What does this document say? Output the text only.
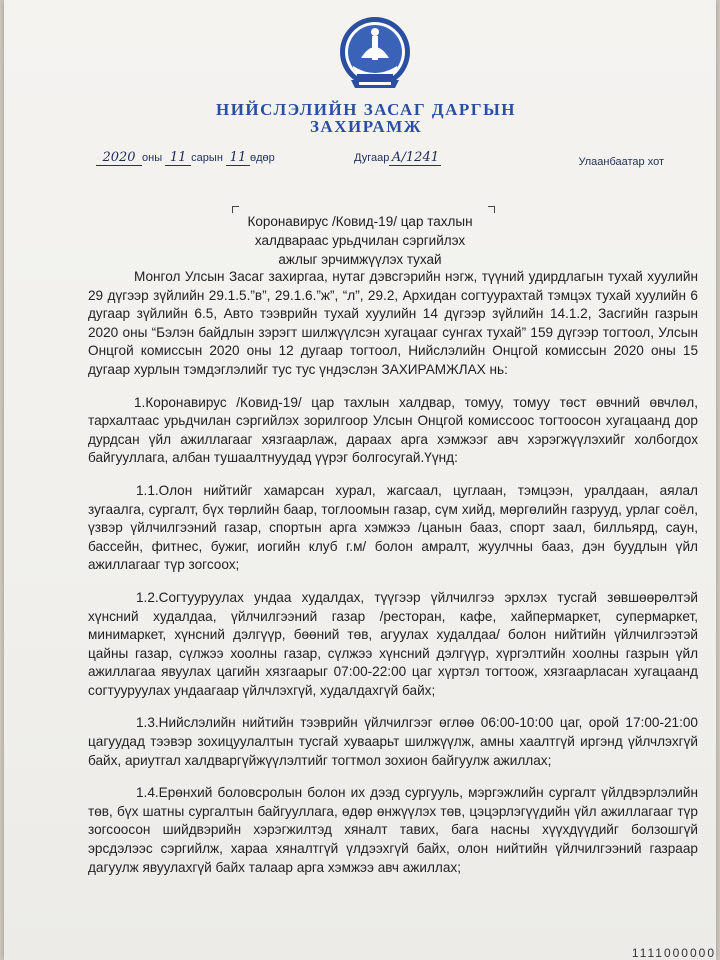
НИЙСЛЭЛИЙН ЗАСАГ ДАРГЫН
ЗАХИРАМЖ
2020 оны 11 сарын 11 өдөр	Дугаар А/1241	Улаанбаатар хот
Коронавирус /Ковид-19/ цар тахлын
халдвараас урьдчилан сэргийлэх
ажлыг эрчимжүүлэх тухай

Монгол Улсын Засаг захиргаа, нутаг дэвсгэрийн нэгж, түүний удирдлагын тухай хуулийн 29 дүгээр зүйлийн 29.1.5.”в”, 29.1.6.”ж”, “л”, 29.2, Архидан согтуурахтай тэмцэх тухай хуулийн 6 дугаар зүйлийн 6.5, Авто тээврийн тухай хуулийн 14 дүгээр зүйлийн 14.1.2, Засгийн газрын 2020 оны “Бэлэн байдлын зэрэгт шилжүүлсэн хугацааг сунгах тухай” 159 дүгээр тогтоол, Улсын Онцгой комиссын 2020 оны 12 дугаар тогтоол, Нийслэлийн Онцгой комиссын 2020 оны 15 дугаар хурлын тэмдэглэлийг тус тус үндэслэн ЗАХИРАМЖЛАХ нь:

1.Коронавирус /Ковид-19/ цар тахлын халдвар, томуу, томуу төст өвчний өвчлөл, тархалтаас урьдчилан сэргийлэх зорилгоор Улсын Онцгой комиссоос тогтоосон хугацаанд дор дурдсан үйл ажиллагааг хязгаарлаж, дараах арга хэмжээг авч хэрэгжүүлэхийг холбогдох байгууллага, албан тушаалтнуудад үүрэг болгосугай.Үүнд:

1.1.Олон нийтийг хамарсан хурал, жагсаал, цуглаан, тэмцээн, уралдаан, аялал зугаалга, сургалт, бүх төрлийн баар, тоглоомын газар, сүм хийд, мөргөлийн газрууд, урлаг соёл, үзвэр үйлчилгээний газар, спортын арга хэмжээ /цанын бааз, спорт заал, билльярд, саун, бассейн, фитнес, бужиг, иогийн клуб г.м/ болон амралт, жуулчны бааз, дэн буудлын үйл ажиллагааг түр зогсоох;

1.2.Согтууруулах ундаа худалдах, түүгээр үйлчилгээ эрхлэх тусгай зөвшөөрөлтэй хүнсний худалдаа, үйлчилгээний газар /ресторан, кафе, хайпермаркет, супермаркет, минимаркет, хүнсний дэлгүүр, бөөний төв, агуулах худалдаа/ болон нийтийн үйлчилгээтэй цайны газар, сүлжээ хоолны газар, сүлжээ хүнсний дэлгүүр, хүргэлтийн хоолны газрын үйл ажиллагаа явуулах цагийн хязгаарыг 07:00-22:00 цаг хүртэл тогтоож, хязгаарласан хугацаанд согтууруулах ундаагаар үйлчлэхгүй, худалдахгүй байх;

1.3.Нийслэлийн нийтийн тээврийн үйлчилгээг өглөө 06:00-10:00 цаг, орой 17:00-21:00 цагуудад тээвэр зохицуулалтын тусгай хуваарьт шилжүүлж, амны хаалтгүй иргэнд үйлчлэхгүй байх, ариутгал халдваргүйжүүлэлтийг тогтмол зохион байгуулж ажиллах;

1.4.Ерөнхий боловсролын болон их дээд сургууль, мэргэжлийн сургалт үйлдвэрлэлийн төв, бүх шатны сургалтын байгууллага, өдөр өнжүүлэх төв, цэцэрлэгүүдийн үйл ажиллагааг түр зогсоосон шийдвэрийн хэрэгжилтэд хяналт тавих, бага насны хүүхдүүдийг болзошгүй эрсдэлээс сэргийлж, хараа хяналтгүй үлдээхгүй байх, олон нийтийн үйлчилгээний газраар дагуулж явуулахгүй байх талаар арга хэмжээ авч ажиллах;

1111000000
